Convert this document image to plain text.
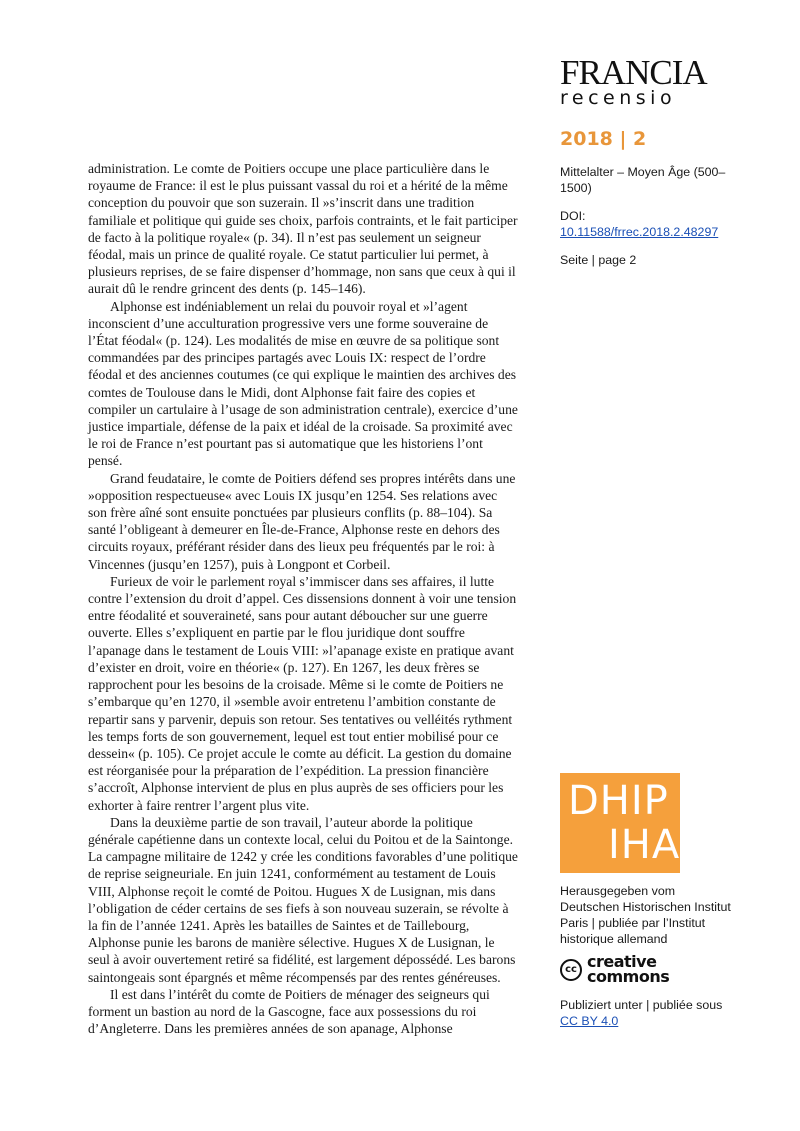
FRANCIA
recensio
2018 | 2
Mittelalter – Moyen Âge (500–1500)
DOI:
10.11588/frrec.2018.2.48297
Seite | page 2
DHIP
IHA
Herausgegeben vom Deutschen Historischen Institut Paris | publiée par l’Institut historique allemand
cc creative
commons
Publiziert unter | publiée sous
CC BY 4.0

administration. Le comte de Poitiers occupe une place particulière dans le royaume de France: il est le plus puissant vassal du roi et a hérité de la même conception du pouvoir que son suzerain. Il »s’inscrit dans une tradition familiale et politique qui guide ses choix, parfois contraints, et le fait participer de facto à la politique royale« (p. 34). Il n’est pas seulement un seigneur féodal, mais un prince de qualité royale. Ce statut particulier lui permet, à plusieurs reprises, de se faire dispenser d’hommage, non sans que ceux à qui il aurait dû le rendre grincent des dents (p. 145–146).

Alphonse est indéniablement un relai du pouvoir royal et »l’agent inconscient d’une acculturation progressive vers une forme souveraine de l’État féodal« (p. 124). Les modalités de mise en œuvre de sa politique sont commandées par des principes partagés avec Louis IX: respect de l’ordre féodal et des anciennes coutumes (ce qui explique le maintien des archives des comtes de Toulouse dans le Midi, dont Alphonse fait faire des copies et compiler un cartulaire à l’usage de son administration centrale), exercice d’une justice impartiale, défense de la paix et idéal de la croisade. Sa proximité avec le roi de France n’est pourtant pas si automatique que les historiens l’ont pensé.

Grand feudataire, le comte de Poitiers défend ses propres intérêts dans une »opposition respectueuse« avec Louis IX jusqu’en 1254. Ses relations avec son frère aîné sont ensuite ponctuées par plusieurs conflits (p. 88–104). Sa santé l’obligeant à demeurer en Île-de-France, Alphonse reste en dehors des circuits royaux, préférant résider dans des lieux peu fréquentés par le roi: à Vincennes (jusqu’en 1257), puis à Longpont et Corbeil.

Furieux de voir le parlement royal s’immiscer dans ses affaires, il lutte contre l’extension du droit d’appel. Ces dissensions donnent à voir une tension entre féodalité et souveraineté, sans pour autant déboucher sur une guerre ouverte. Elles s’expliquent en partie par le flou juridique dont souffre l’apanage dans le testament de Louis VIII: »l’apanage existe en pratique avant d’exister en droit, voire en théorie« (p. 127). En 1267, les deux frères se rapprochent pour les besoins de la croisade. Même si le comte de Poitiers ne s’embarque qu’en 1270, il »semble avoir entretenu l’ambition constante de repartir sans y parvenir, depuis son retour. Ses tentatives ou velléités rythment les temps forts de son gouvernement, lequel est tout entier mobilisé pour ce dessein« (p. 105). Ce projet accule le comte au déficit. La gestion du domaine est réorganisée pour la préparation de l’expédition. La pression financière s’accroît, Alphonse intervient de plus en plus auprès de ses officiers pour les exhorter à faire rentrer l’argent plus vite.

Dans la deuxième partie de son travail, l’auteur aborde la politique générale capétienne dans un contexte local, celui du Poitou et de la Saintonge. La campagne militaire de 1242 y crée les conditions favorables d’une politique de reprise seigneuriale. En juin 1241, conformément au testament de Louis VIII, Alphonse reçoit le comté de Poitou. Hugues X de Lusignan, mis dans l’obligation de céder certains de ses fiefs à son nouveau suzerain, se révolte à la fin de l’année 1241. Après les batailles de Saintes et de Taillebourg, Alphonse punie les barons de manière sélective. Hugues X de Lusignan, le seul à avoir ouvertement retiré sa fidélité, est largement dépossédé. Les barons saintongeais sont épargnés et même récompensés par des rentes généreuses.

Il est dans l’intérêt du comte de Poitiers de ménager des seigneurs qui forment un bastion au nord de la Gascogne, face aux possessions du roi d’Angleterre. Dans les premières années de son apanage, Alphonse
